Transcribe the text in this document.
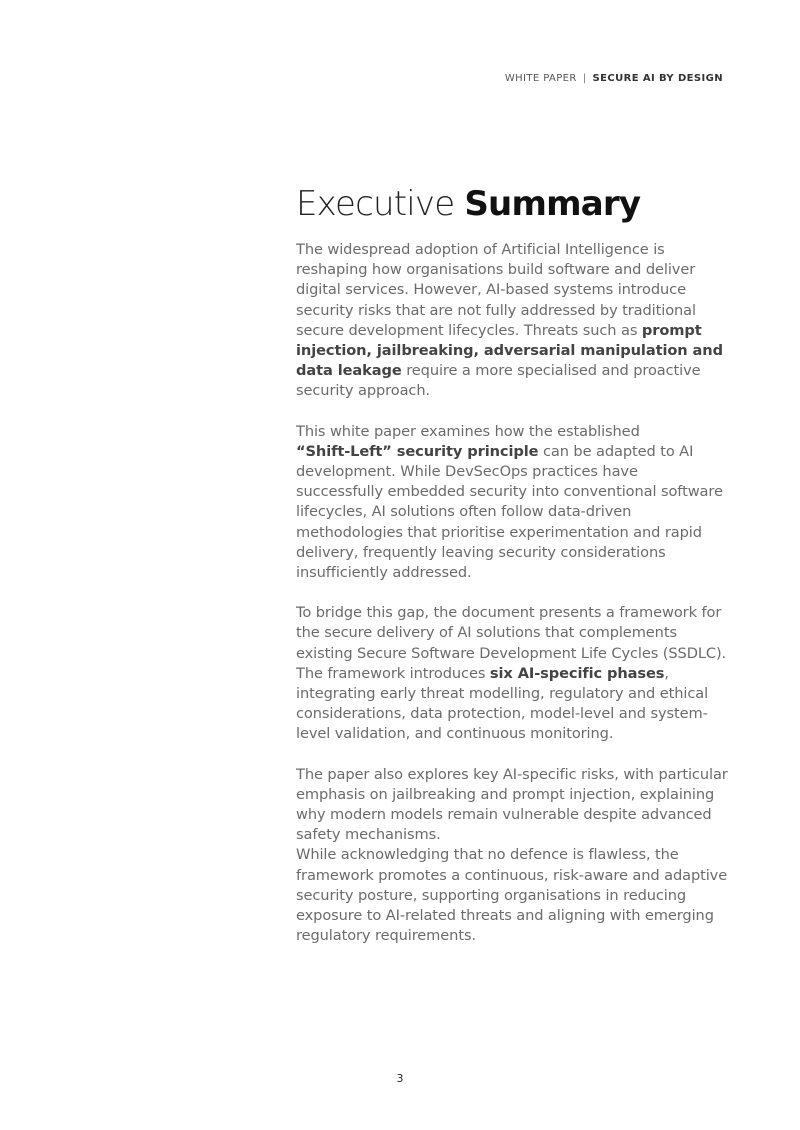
WHITE PAPER | SECURE AI BY DESIGN
Executive Summary

The widespread adoption of Artificial Intelligence is reshaping how organisations build software and deliver digital services. However, AI-based systems introduce security risks that are not fully addressed by traditional secure development lifecycles. Threats such as prompt injection, jailbreaking, adversarial manipulation and data leakage require a more specialised and proactive security approach.

This white paper examines how the established
“Shift-Left” security principle can be adapted to AI development. While DevSecOps practices have successfully embedded security into conventional software lifecycles, AI solutions often follow data-driven methodologies that prioritise experimentation and rapid delivery, frequently leaving security considerations insufficiently addressed.

To bridge this gap, the document presents a framework for the secure delivery of AI solutions that complements existing Secure Software Development Life Cycles (SSDLC). The framework introduces six AI-specific phases, integrating early threat modelling, regulatory and ethical considerations, data protection, model-level and system-level validation, and continuous monitoring.

The paper also explores key AI-specific risks, with particular emphasis on jailbreaking and prompt injection, explaining why modern models remain vulnerable despite advanced safety mechanisms.
While acknowledging that no defence is flawless, the framework promotes a continuous, risk-aware and adaptive security posture, supporting organisations in reducing exposure to AI-related threats and aligning with emerging regulatory requirements.

3
